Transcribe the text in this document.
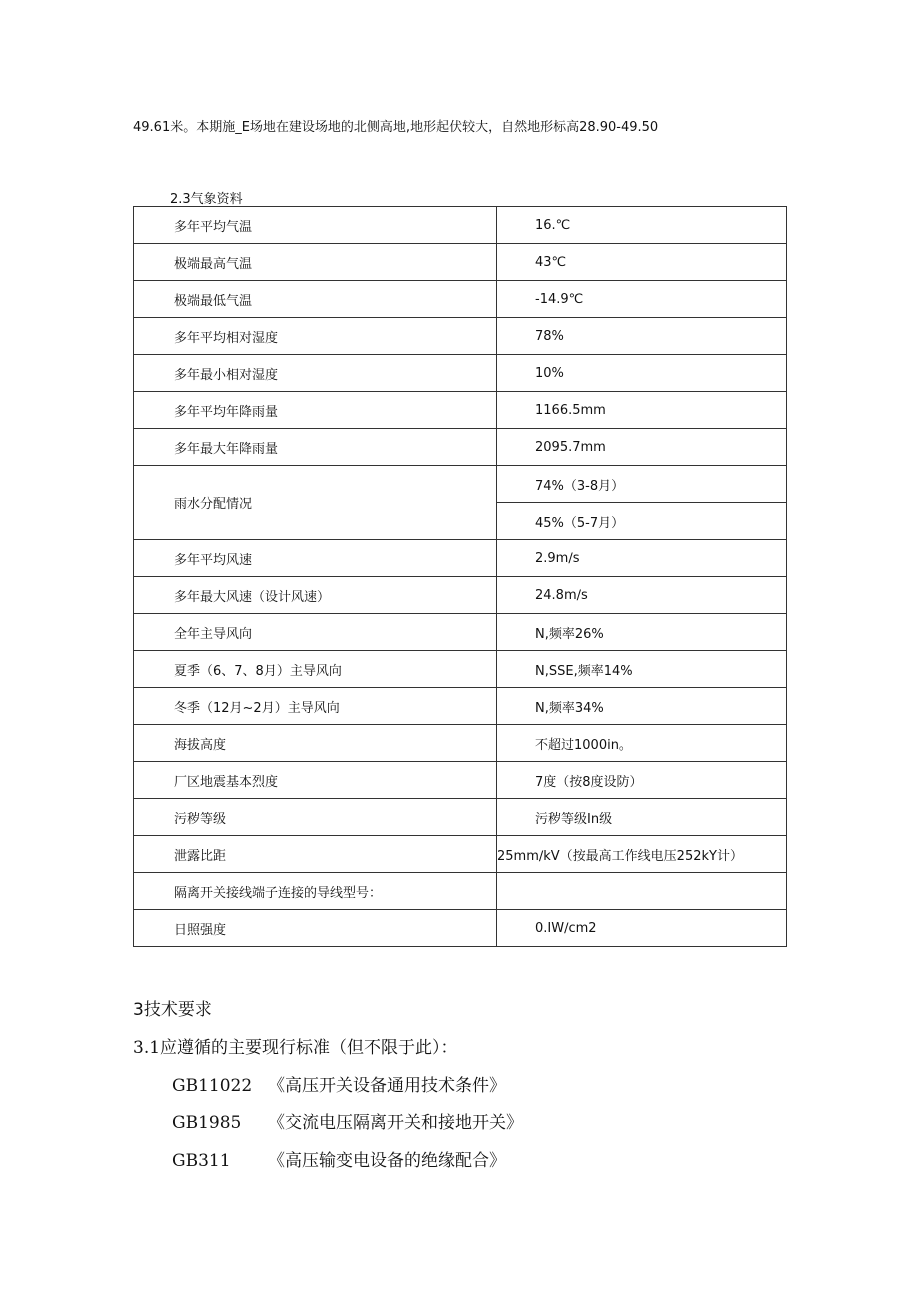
49.61米。本期施_E场地在建设场地的北侧高地,地形起伏较大，自然地形标高28.90-49.50
2.3气象资料
多年平均气温	16.℃
极端最高气温	43℃
极端最低气温	-14.9℃
多年平均相对湿度	78%
多年最小相对湿度	10%
多年平均年降雨量	1166.5mm
多年最大年降雨量	2095.7mm
雨水分配情况	74%（3-8月）
	45%（5-7月）
多年平均风速	2.9m∕s
多年最大风速（设计风速）	24.8m∕s
全年主导风向	N,频率26%
夏季（6、7、8月）主导风向	N,SSE,频率14%
冬季（12月~2月）主导风向	N,频率34%
海拔高度	不超过1000in。
厂区地震基本烈度	7度（按8度设防）
污秽等级	污秽等级In级
泄露比距	25mm∕kV（按最高工作线电压252kY计）
隔离开关接线端子连接的导线型号：	
日照强度	0.IW∕cm2
3技术要求
3.1应遵循的主要现行标准（但不限于此）：
GB11022 《高压开关设备通用技术条件》
GB1985 《交流电压隔离开关和接地开关》
GB311 《高压输变电设备的绝缘配合》
